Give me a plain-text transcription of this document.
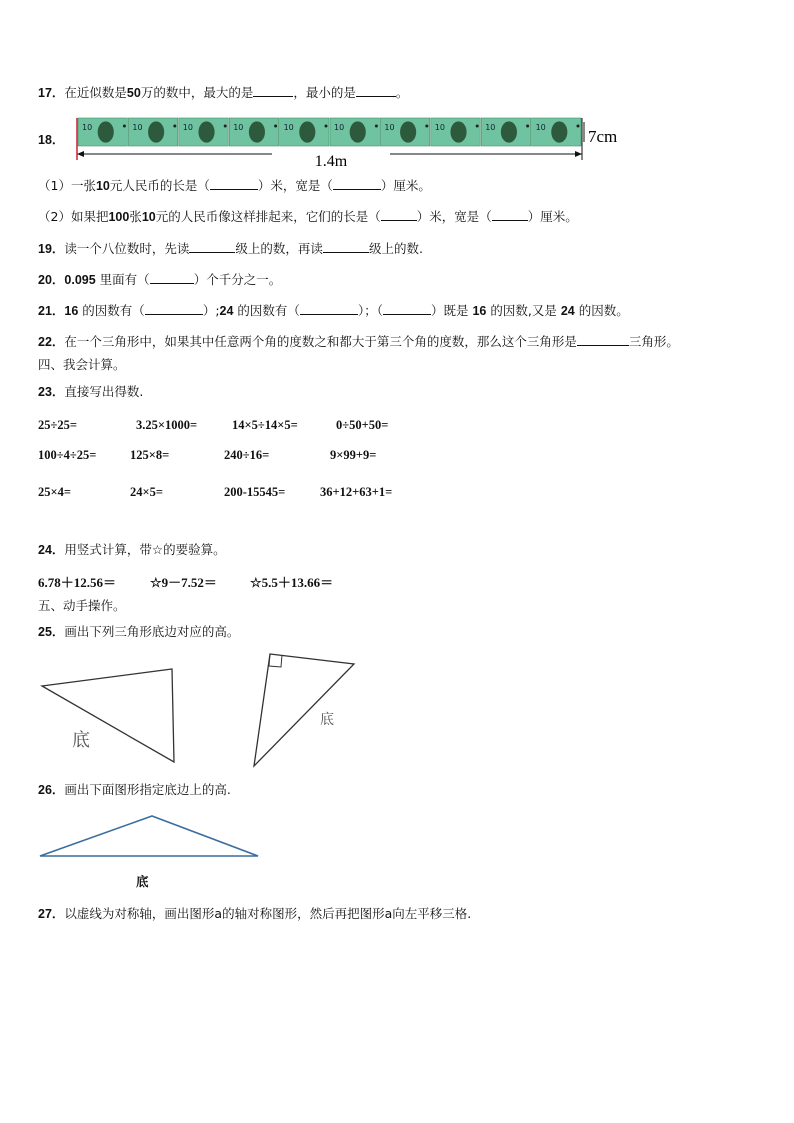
17．在近似数是50万的数中，最大的是	，最小的是	。
18．
10	10	10	10	10	10	10	10	10	10
1.4m
7cm
（1）一张10元人民币的长是（	）米，宽是（	）厘米。
（2）如果把100张10元的人民币像这样排起来，它们的长是（	）米，宽是（	）厘米。
19．读一个八位数时，先读	级上的数，再读	级上的数.
20．0.095 里面有（	）个千分之一。
21．16 的因数有（	）;24 的因数有（	）；（	）既是 16 的因数,又是 24 的因数。
22．在一个三角形中，如果其中任意两个角的度数之和都大于第三个角的度数，那么这个三角形是	三角形。
四、我会计算。
23．直接写出得数.
25÷25=	3.25×1000=	14×5÷14×5=	0÷50+50=
100÷4÷25=	125×8=	240÷16=	9×99+9=
25×4=	24×5=	200-15545=	36+12+63+1=
24．用竖式计算，带☆的要验算。
6.78＋12.56＝	☆9－7.52＝	☆5.5＋13.66＝
五、动手操作。
25．画出下列三角形底边对应的高。
底
底
26．画出下面图形指定底边上的高.
底
27．以虚线为对称轴，画出图形a的轴对称图形，然后再把图形a向左平移三格.
